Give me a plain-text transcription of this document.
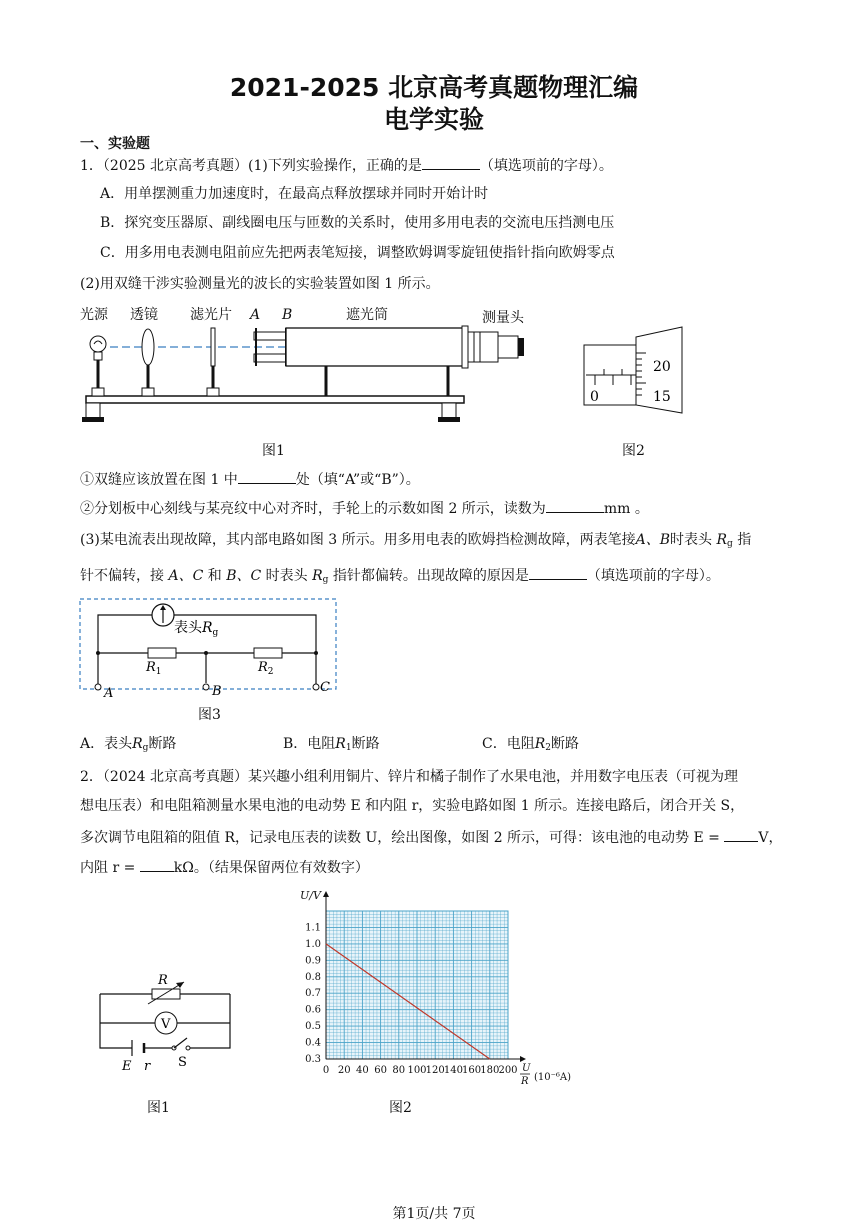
2021-2025 北京高考真题物理汇编
电学实验
一、实验题
1．（2025 北京高考真题）(1)下列实验操作，正确的是	（填选项前的字母）。
A．用单摆测重力加速度时，在最高点释放摆球并同时开始计时
B．探究变压器原、副线圈电压与匝数的关系时，使用多用电表的交流电压挡测电压
C．用多用电表测电阻前应先把两表笔短接，调整欧姆调零旋钮使指针指向欧姆零点
(2)用双缝干涉实验测量光的波长的实验装置如图 1 所示。
光源 透镜 滤光片 A B	遮光筒	测量头
图1
20
15
0
图2
①双缝应该放置在图 1 中	处（填“A”或“B”）。
②分划板中心刻线与某亮纹中心对齐时，手轮上的示数如图 2 所示，读数为	mm 。
(3)某电流表出现故障，其内部电路如图 3 所示。用多用电表的欧姆挡检测故障，两表笔接A、B时表头 $R_g$ 指
针不偏转，接 A、C 和 B、C 时表头 $R_g$ 指针都偏转。出现故障的原因是	（填选项前的字母）。
表头$R_g$
$R_1$	$R_2$
A	B	C
图3
A．表头$R_g$断路	B．电阻$R_1$断路	C．电阻$R_2$断路
2．（2024 北京高考真题）某兴趣小组利用铜片、锌片和橘子制作了水果电池，并用数字电压表（可视为理
想电压表）和电阻箱测量水果电池的电动势 E 和内阻 r，实验电路如图 1 所示。连接电路后，闭合开关 S，
多次调节电阻箱的阻值 R，记录电压表的读数 U，绘出图像，如图 2 所示，可得：该电池的电动势 E =	V，
内阻 r =	kΩ。（结果保留两位有效数字）
R
V
E r S
图1
0 20 40 60 80 100 120 140 160 180 200
0.3
0.4
0.5
0.6
0.7
0.8
0.9
1.0
1.1
U/V
U
R (10⁻⁶A)
图2
第1页/共 7页
